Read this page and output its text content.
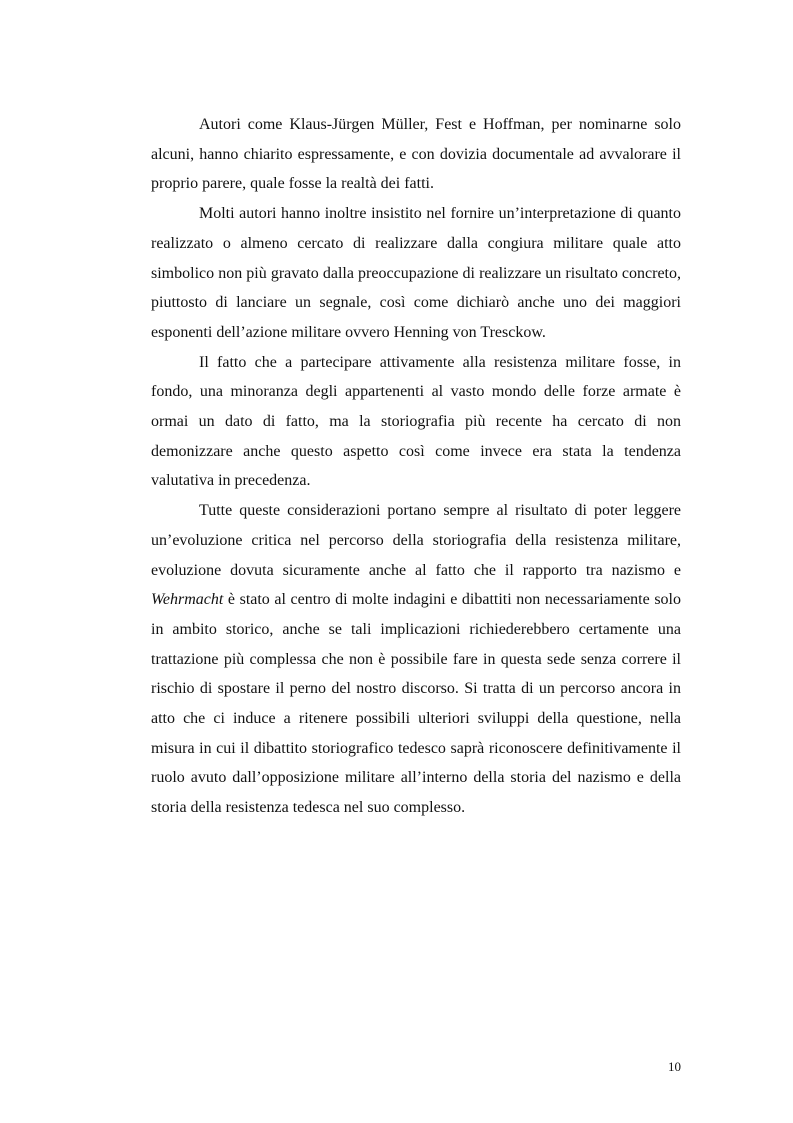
Autori come Klaus-Jürgen Müller, Fest e Hoffman, per nominarne solo alcuni, hanno chiarito espressamente, e con dovizia documentale ad avvalorare il proprio parere, quale fosse la realtà dei fatti.

Molti autori hanno inoltre insistito nel fornire un’interpretazione di quanto realizzato o almeno cercato di realizzare dalla congiura militare quale atto simbolico non più gravato dalla preoccupazione di realizzare un risultato concreto, piuttosto di lanciare un segnale, così come dichiarò anche uno dei maggiori esponenti dell’azione militare ovvero Henning von Tresckow.

Il fatto che a partecipare attivamente alla resistenza militare fosse, in fondo, una minoranza degli appartenenti al vasto mondo delle forze armate è ormai un dato di fatto, ma la storiografia più recente ha cercato di non demonizzare anche questo aspetto così come invece era stata la tendenza valutativa in precedenza.

Tutte queste considerazioni portano sempre al risultato di poter leggere un’evoluzione critica nel percorso della storiografia della resistenza militare, evoluzione dovuta sicuramente anche al fatto che il rapporto tra nazismo e Wehrmacht è stato al centro di molte indagini e dibattiti non necessariamente solo in ambito storico, anche se tali implicazioni richiederebbero certamente una trattazione più complessa che non è possibile fare in questa sede senza correre il rischio di spostare il perno del nostro discorso. Si tratta di un percorso ancora in atto che ci induce a ritenere possibili ulteriori sviluppi della questione, nella misura in cui il dibattito storiografico tedesco saprà riconoscere definitivamente il ruolo avuto dall’opposizione militare all’interno della storia del nazismo e della storia della resistenza tedesca nel suo complesso.

10
